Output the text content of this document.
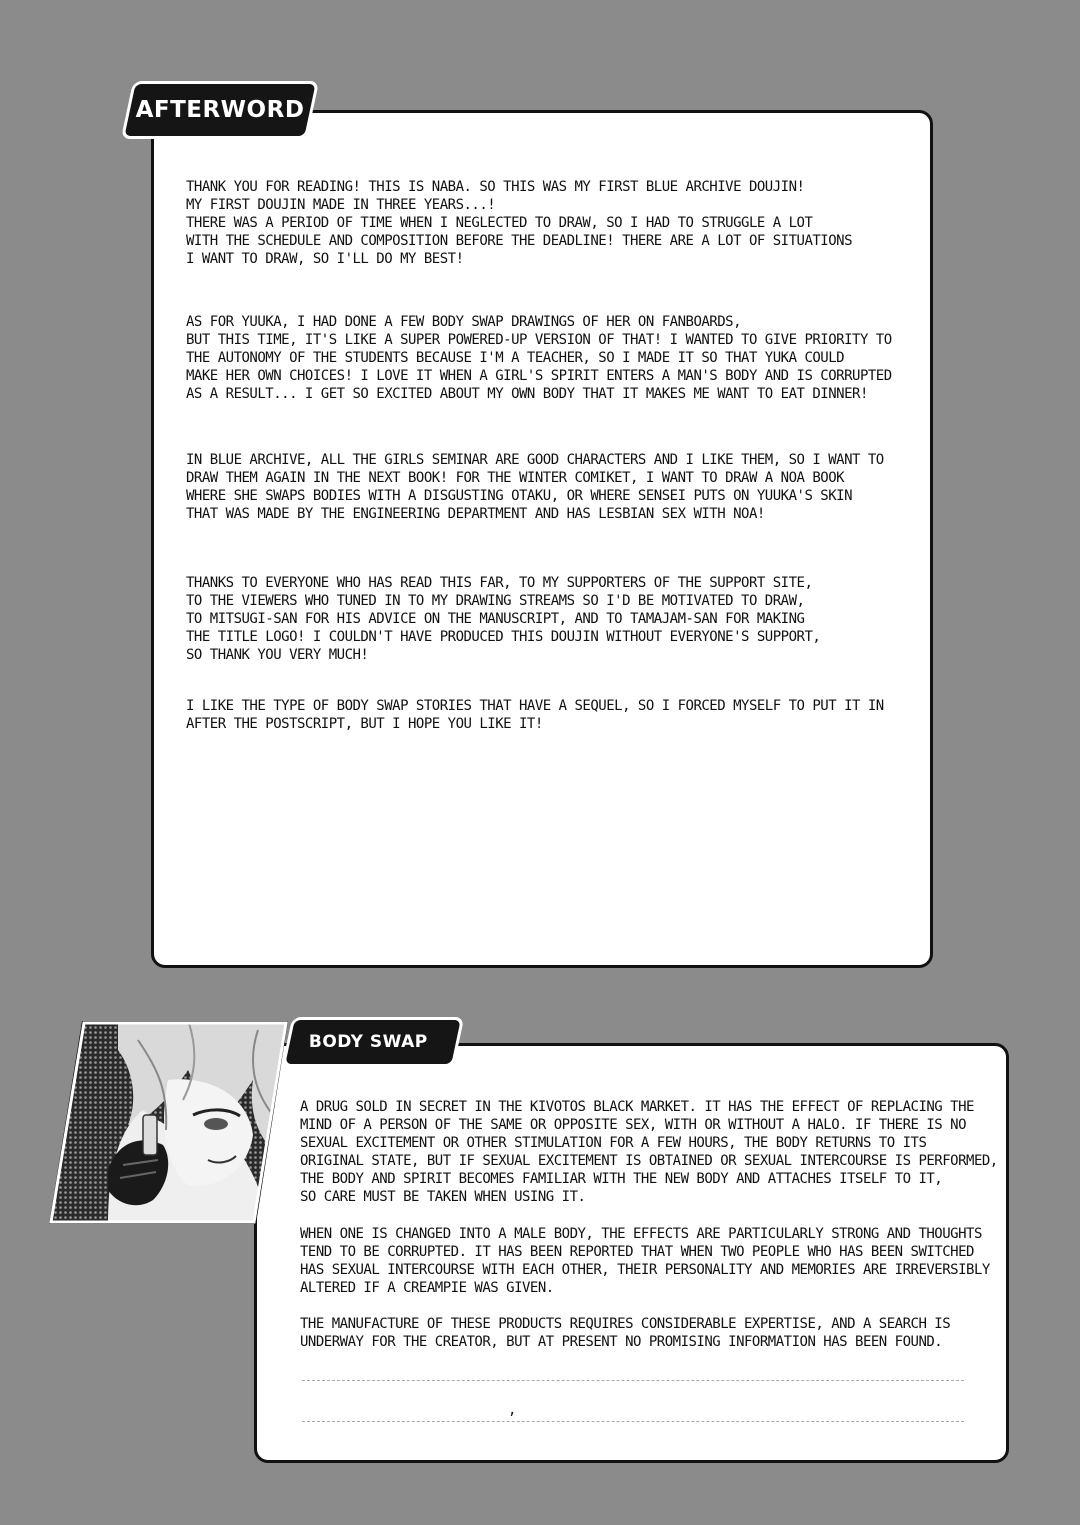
AFTERWORD
THANK YOU FOR READING! THIS IS NABA. SO THIS WAS MY FIRST BLUE ARCHIVE DOUJIN!
MY FIRST DOUJIN MADE IN THREE YEARS...!
THERE WAS A PERIOD OF TIME WHEN I NEGLECTED TO DRAW, SO I HAD TO STRUGGLE A LOT
WITH THE SCHEDULE AND COMPOSITION BEFORE THE DEADLINE! THERE ARE A LOT OF SITUATIONS
I WANT TO DRAW, SO I'LL DO MY BEST!
AS FOR YUUKA, I HAD DONE A FEW BODY SWAP DRAWINGS OF HER ON FANBOARDS,
BUT THIS TIME, IT'S LIKE A SUPER POWERED-UP VERSION OF THAT! I WANTED TO GIVE PRIORITY TO
THE AUTONOMY OF THE STUDENTS BECAUSE I'M A TEACHER, SO I MADE IT SO THAT YUKA COULD
MAKE HER OWN CHOICES! I LOVE IT WHEN A GIRL'S SPIRIT ENTERS A MAN'S BODY AND IS CORRUPTED
AS A RESULT... I GET SO EXCITED ABOUT MY OWN BODY THAT IT MAKES ME WANT TO EAT DINNER!
IN BLUE ARCHIVE, ALL THE GIRLS SEMINAR ARE GOOD CHARACTERS AND I LIKE THEM, SO I WANT TO
DRAW THEM AGAIN IN THE NEXT BOOK! FOR THE WINTER COMIKET, I WANT TO DRAW A NOA BOOK
WHERE SHE SWAPS BODIES WITH A DISGUSTING OTAKU, OR WHERE SENSEI PUTS ON YUUKA'S SKIN
THAT WAS MADE BY THE ENGINEERING DEPARTMENT AND HAS LESBIAN SEX WITH NOA!
THANKS TO EVERYONE WHO HAS READ THIS FAR, TO MY SUPPORTERS OF THE SUPPORT SITE,
TO THE VIEWERS WHO TUNED IN TO MY DRAWING STREAMS SO I'D BE MOTIVATED TO DRAW,
TO MITSUGI-SAN FOR HIS ADVICE ON THE MANUSCRIPT, AND TO TAMAJAM-SAN FOR MAKING
THE TITLE LOGO! I COULDN'T HAVE PRODUCED THIS DOUJIN WITHOUT EVERYONE'S SUPPORT,
SO THANK YOU VERY MUCH!
I LIKE THE TYPE OF BODY SWAP STORIES THAT HAVE A SEQUEL, SO I FORCED MYSELF TO PUT IT IN
AFTER THE POSTSCRIPT, BUT I HOPE YOU LIKE IT!
BODY SWAP DRUG
A DRUG SOLD IN SECRET IN THE KIVOTOS BLACK MARKET. IT HAS THE EFFECT OF REPLACING THE
MIND OF A PERSON OF THE SAME OR OPPOSITE SEX, WITH OR WITHOUT A HALO. IF THERE IS NO
SEXUAL EXCITEMENT OR OTHER STIMULATION FOR A FEW HOURS, THE BODY RETURNS TO ITS
ORIGINAL STATE, BUT IF SEXUAL EXCITEMENT IS OBTAINED OR SEXUAL INTERCOURSE IS PERFORMED,
THE BODY AND SPIRIT BECOMES FAMILIAR WITH THE NEW BODY AND ATTACHES ITSELF TO IT,
SO CARE MUST BE TAKEN WHEN USING IT.
WHEN ONE IS CHANGED INTO A MALE BODY, THE EFFECTS ARE PARTICULARLY STRONG AND THOUGHTS
TEND TO BE CORRUPTED. IT HAS BEEN REPORTED THAT WHEN TWO PEOPLE WHO HAS BEEN SWITCHED
HAS SEXUAL INTERCOURSE WITH EACH OTHER, THEIR PERSONALITY AND MEMORIES ARE IRREVERSIBLY
ALTERED IF A CREAMPIE WAS GIVEN.
THE MANUFACTURE OF THESE PRODUCTS REQUIRES CONSIDERABLE EXPERTISE, AND A SEARCH IS
UNDERWAY FOR THE CREATOR, BUT AT PRESENT NO PROMISING INFORMATION HAS BEEN FOUND.
,
